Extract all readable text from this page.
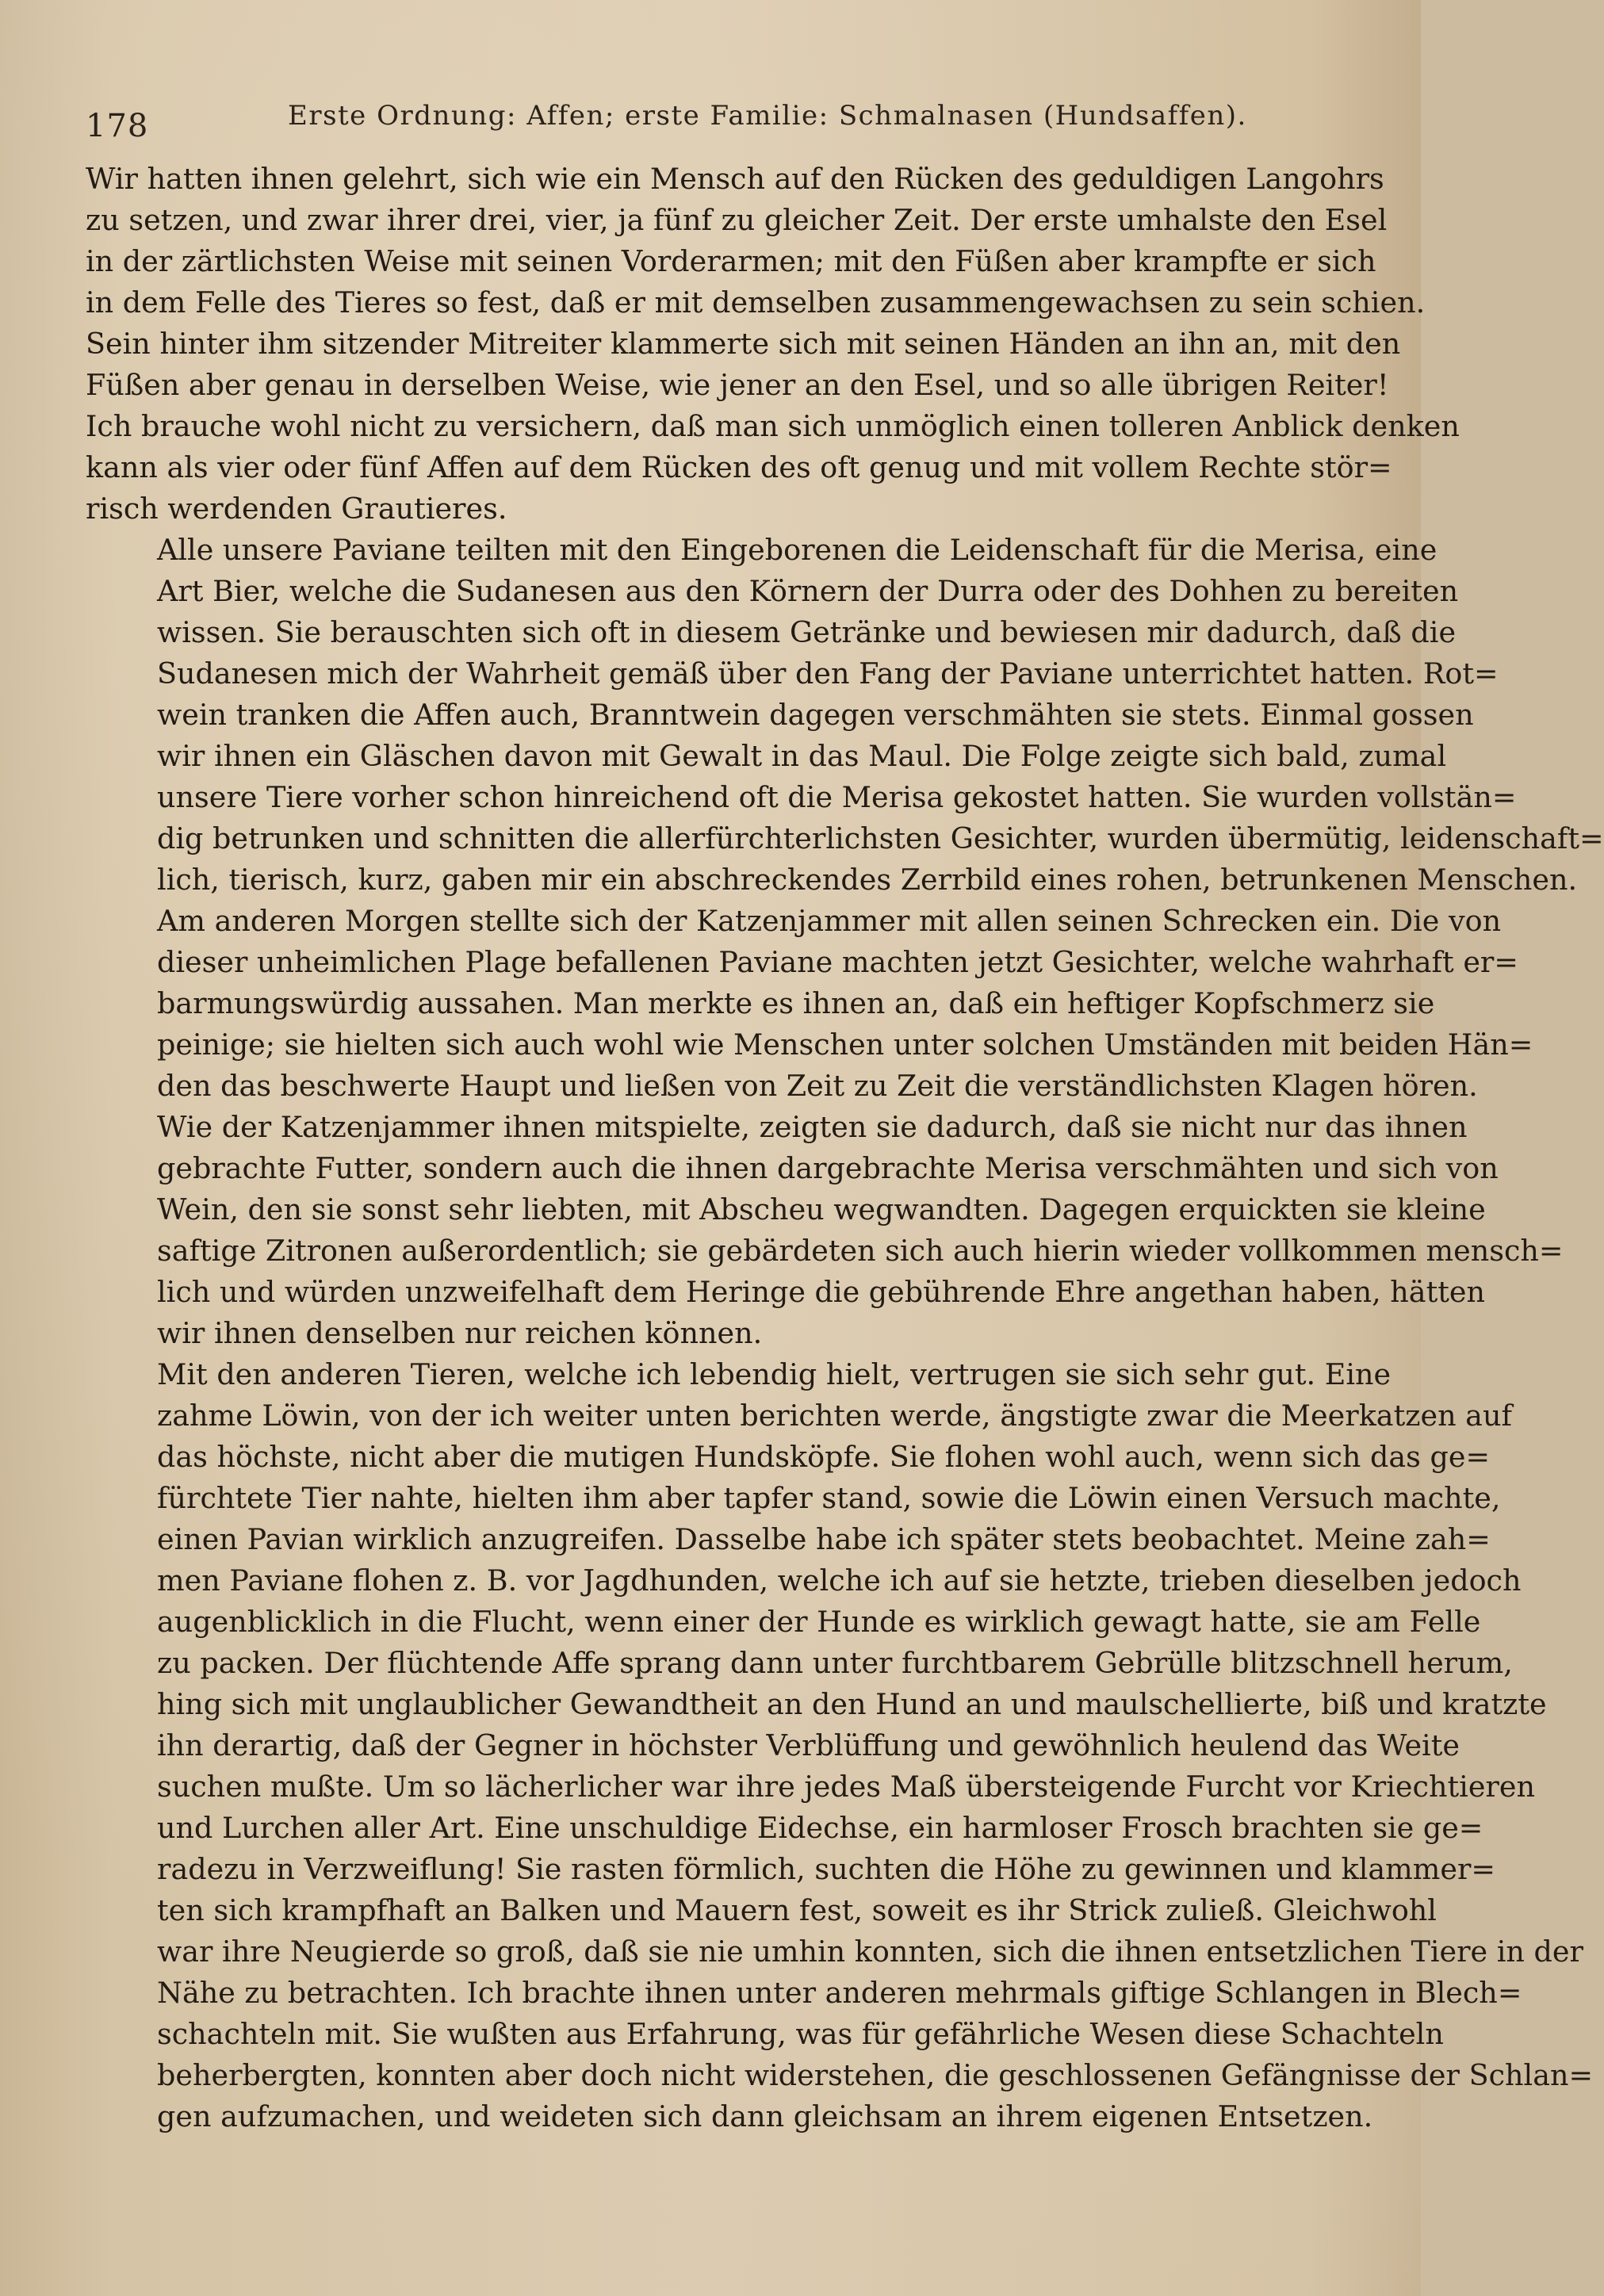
178	Erste Ordnung: Affen; erste Familie: Schmalnasen (Hundsaffen).
Wir hatten ihnen gelehrt, sich wie ein Mensch auf den Rücken des geduldigen Langohrs
zu setzen, und zwar ihrer drei, vier, ja fünf zu gleicher Zeit. Der erste umhalste den Esel
in der zärtlichsten Weise mit seinen Vorderarmen; mit den Füßen aber krampfte er sich
in dem Felle des Tieres so fest, daß er mit demselben zusammengewachsen zu sein schien.
Sein hinter ihm sitzender Mitreiter klammerte sich mit seinen Händen an ihn an, mit den
Füßen aber genau in derselben Weise, wie jener an den Esel, und so alle übrigen Reiter!
Ich brauche wohl nicht zu versichern, daß man sich unmöglich einen tolleren Anblick denken
kann als vier oder fünf Affen auf dem Rücken des oft genug und mit vollem Rechte stör=
risch werdenden Grautieres.
Alle unsere Paviane teilten mit den Eingeborenen die Leidenschaft für die Merisa, eine
Art Bier, welche die Sudanesen aus den Körnern der Durra oder des Dohhen zu bereiten
wissen. Sie berauschten sich oft in diesem Getränke und bewiesen mir dadurch, daß die
Sudanesen mich der Wahrheit gemäß über den Fang der Paviane unterrichtet hatten. Rot=
wein tranken die Affen auch, Branntwein dagegen verschmähten sie stets. Einmal gossen
wir ihnen ein Gläschen davon mit Gewalt in das Maul. Die Folge zeigte sich bald, zumal
unsere Tiere vorher schon hinreichend oft die Merisa gekostet hatten. Sie wurden vollstän=
dig betrunken und schnitten die allerfürchterlichsten Gesichter, wurden übermütig, leidenschaft=
lich, tierisch, kurz, gaben mir ein abschreckendes Zerrbild eines rohen, betrunkenen Menschen.
Am anderen Morgen stellte sich der Katzenjammer mit allen seinen Schrecken ein. Die von
dieser unheimlichen Plage befallenen Paviane machten jetzt Gesichter, welche wahrhaft er=
barmungswürdig aussahen. Man merkte es ihnen an, daß ein heftiger Kopfschmerz sie
peinige; sie hielten sich auch wohl wie Menschen unter solchen Umständen mit beiden Hän=
den das beschwerte Haupt und ließen von Zeit zu Zeit die verständlichsten Klagen hören.
Wie der Katzenjammer ihnen mitspielte, zeigten sie dadurch, daß sie nicht nur das ihnen
gebrachte Futter, sondern auch die ihnen dargebrachte Merisa verschmähten und sich von
Wein, den sie sonst sehr liebten, mit Abscheu wegwandten. Dagegen erquickten sie kleine
saftige Zitronen außerordentlich; sie gebärdeten sich auch hierin wieder vollkommen mensch=
lich und würden unzweifelhaft dem Heringe die gebührende Ehre angethan haben, hätten
wir ihnen denselben nur reichen können.
Mit den anderen Tieren, welche ich lebendig hielt, vertrugen sie sich sehr gut. Eine
zahme Löwin, von der ich weiter unten berichten werde, ängstigte zwar die Meerkatzen auf
das höchste, nicht aber die mutigen Hundsköpfe. Sie flohen wohl auch, wenn sich das ge=
fürchtete Tier nahte, hielten ihm aber tapfer stand, sowie die Löwin einen Versuch machte,
einen Pavian wirklich anzugreifen. Dasselbe habe ich später stets beobachtet. Meine zah=
men Paviane flohen z. B. vor Jagdhunden, welche ich auf sie hetzte, trieben dieselben jedoch
augenblicklich in die Flucht, wenn einer der Hunde es wirklich gewagt hatte, sie am Felle
zu packen. Der flüchtende Affe sprang dann unter furchtbarem Gebrülle blitzschnell herum,
hing sich mit unglaublicher Gewandtheit an den Hund an und maulschellierte, biß und kratzte
ihn derartig, daß der Gegner in höchster Verblüffung und gewöhnlich heulend das Weite
suchen mußte. Um so lächerlicher war ihre jedes Maß übersteigende Furcht vor Kriechtieren
und Lurchen aller Art. Eine unschuldige Eidechse, ein harmloser Frosch brachten sie ge=
radezu in Verzweiflung! Sie rasten förmlich, suchten die Höhe zu gewinnen und klammer=
ten sich krampfhaft an Balken und Mauern fest, soweit es ihr Strick zuließ. Gleichwohl
war ihre Neugierde so groß, daß sie nie umhin konnten, sich die ihnen entsetzlichen Tiere in der
Nähe zu betrachten. Ich brachte ihnen unter anderen mehrmals giftige Schlangen in Blech=
schachteln mit. Sie wußten aus Erfahrung, was für gefährliche Wesen diese Schachteln
beherbergten, konnten aber doch nicht widerstehen, die geschlossenen Gefängnisse der Schlan=
gen aufzumachen, und weideten sich dann gleichsam an ihrem eigenen Entsetzen.
